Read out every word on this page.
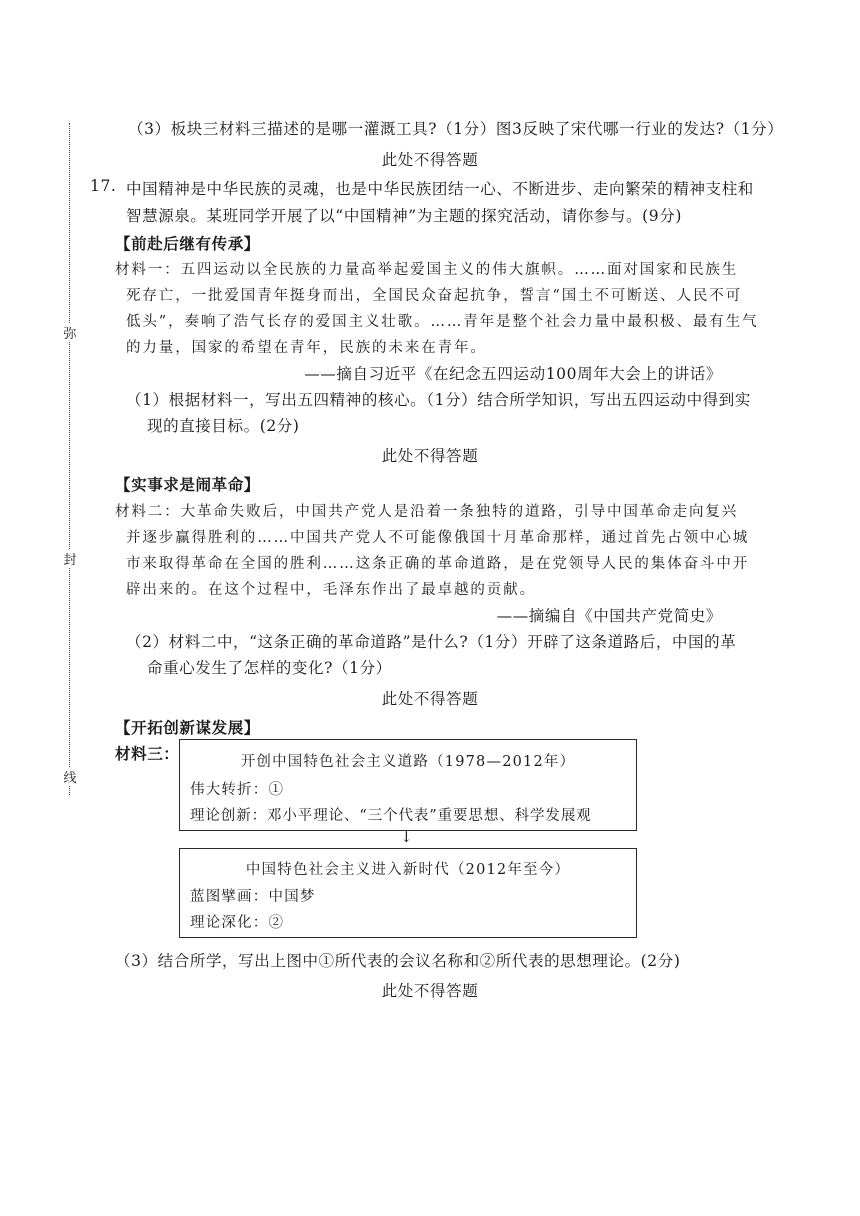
弥
封
线
（3）板块三材料三描述的是哪一灌溉工具?（1分）图3反映了宋代哪一行业的发达?（1分）
此处不得答题
17. 中国精神是中华民族的灵魂，也是中华民族团结一心、不断进步、走向繁荣的精神支柱和
智慧源泉。某班同学开展了以“中国精神”为主题的探究活动，请你参与。(9分)
【前赴后继有传承】
材料一：五四运动以全民族的力量高举起爱国主义的伟大旗帜。……面对国家和民族生
死存亡，一批爱国青年挺身而出，全国民众奋起抗争，誓言“国土不可断送、人民不可
低头”，奏响了浩气长存的爱国主义壮歌。……青年是整个社会力量中最积极、最有生气
的力量，国家的希望在青年，民族的未来在青年。
——摘自习近平《在纪念五四运动100周年大会上的讲话》
（1）根据材料一，写出五四精神的核心。（1分）结合所学知识，写出五四运动中得到实
现的直接目标。(2分)
此处不得答题
【实事求是闹革命】
材料二：大革命失败后，中国共产党人是沿着一条独特的道路，引导中国革命走向复兴
并逐步赢得胜利的……中国共产党人不可能像俄国十月革命那样，通过首先占领中心城
市来取得革命在全国的胜利……这条正确的革命道路，是在党领导人民的集体奋斗中开
辟出来的。在这个过程中，毛泽东作出了最卓越的贡献。
——摘编自《中国共产党简史》
（2）材料二中，“这条正确的革命道路”是什么?（1分）开辟了这条道路后，中国的革
命重心发生了怎样的变化?（1分）
此处不得答题
【开拓创新谋发展】
材料三：	开创中国特色社会主义道路（1978—2012年）
伟大转折：①
理论创新：邓小平理论、“三个代表”重要思想、科学发展观
↓
中国特色社会主义进入新时代（2012年至今）
蓝图擘画：中国梦
理论深化：②
（3）结合所学，写出上图中①所代表的会议名称和②所代表的思想理论。(2分)
此处不得答题
